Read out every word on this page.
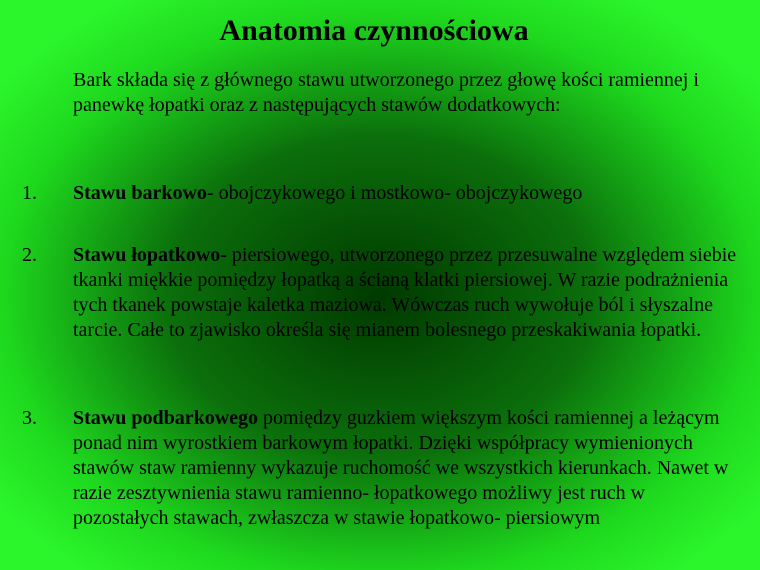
Anatomia czynnościowa

Bark składa się z głównego stawu utworzonego przez głowę kości ramiennej i panewkę łopatki oraz z następujących stawów dodatkowych:

1. Stawu barkowo- obojczykowego i mostkowo- obojczykowego
2. Stawu łopatkowo- piersiowego, utworzonego przez przesuwalne względem siebie tkanki miękkie pomiędzy łopatką a ścianą klatki piersiowej. W razie podrażnienia tych tkanek powstaje kaletka maziowa. Wówczas ruch wywołuje ból i słyszalne tarcie. Całe to zjawisko określa się mianem bolesnego przeskakiwania łopatki.
3. Stawu podbarkowego pomiędzy guzkiem większym kości ramiennej a leżącym ponad nim wyrostkiem barkowym łopatki. Dzięki współpracy wymienionych stawów staw ramienny wykazuje ruchomość we wszystkich kierunkach. Nawet w razie zesztywnienia stawu ramienno- łopatkowego możliwy jest ruch w pozostałych stawach, zwłaszcza w stawie łopatkowo- piersiowym
